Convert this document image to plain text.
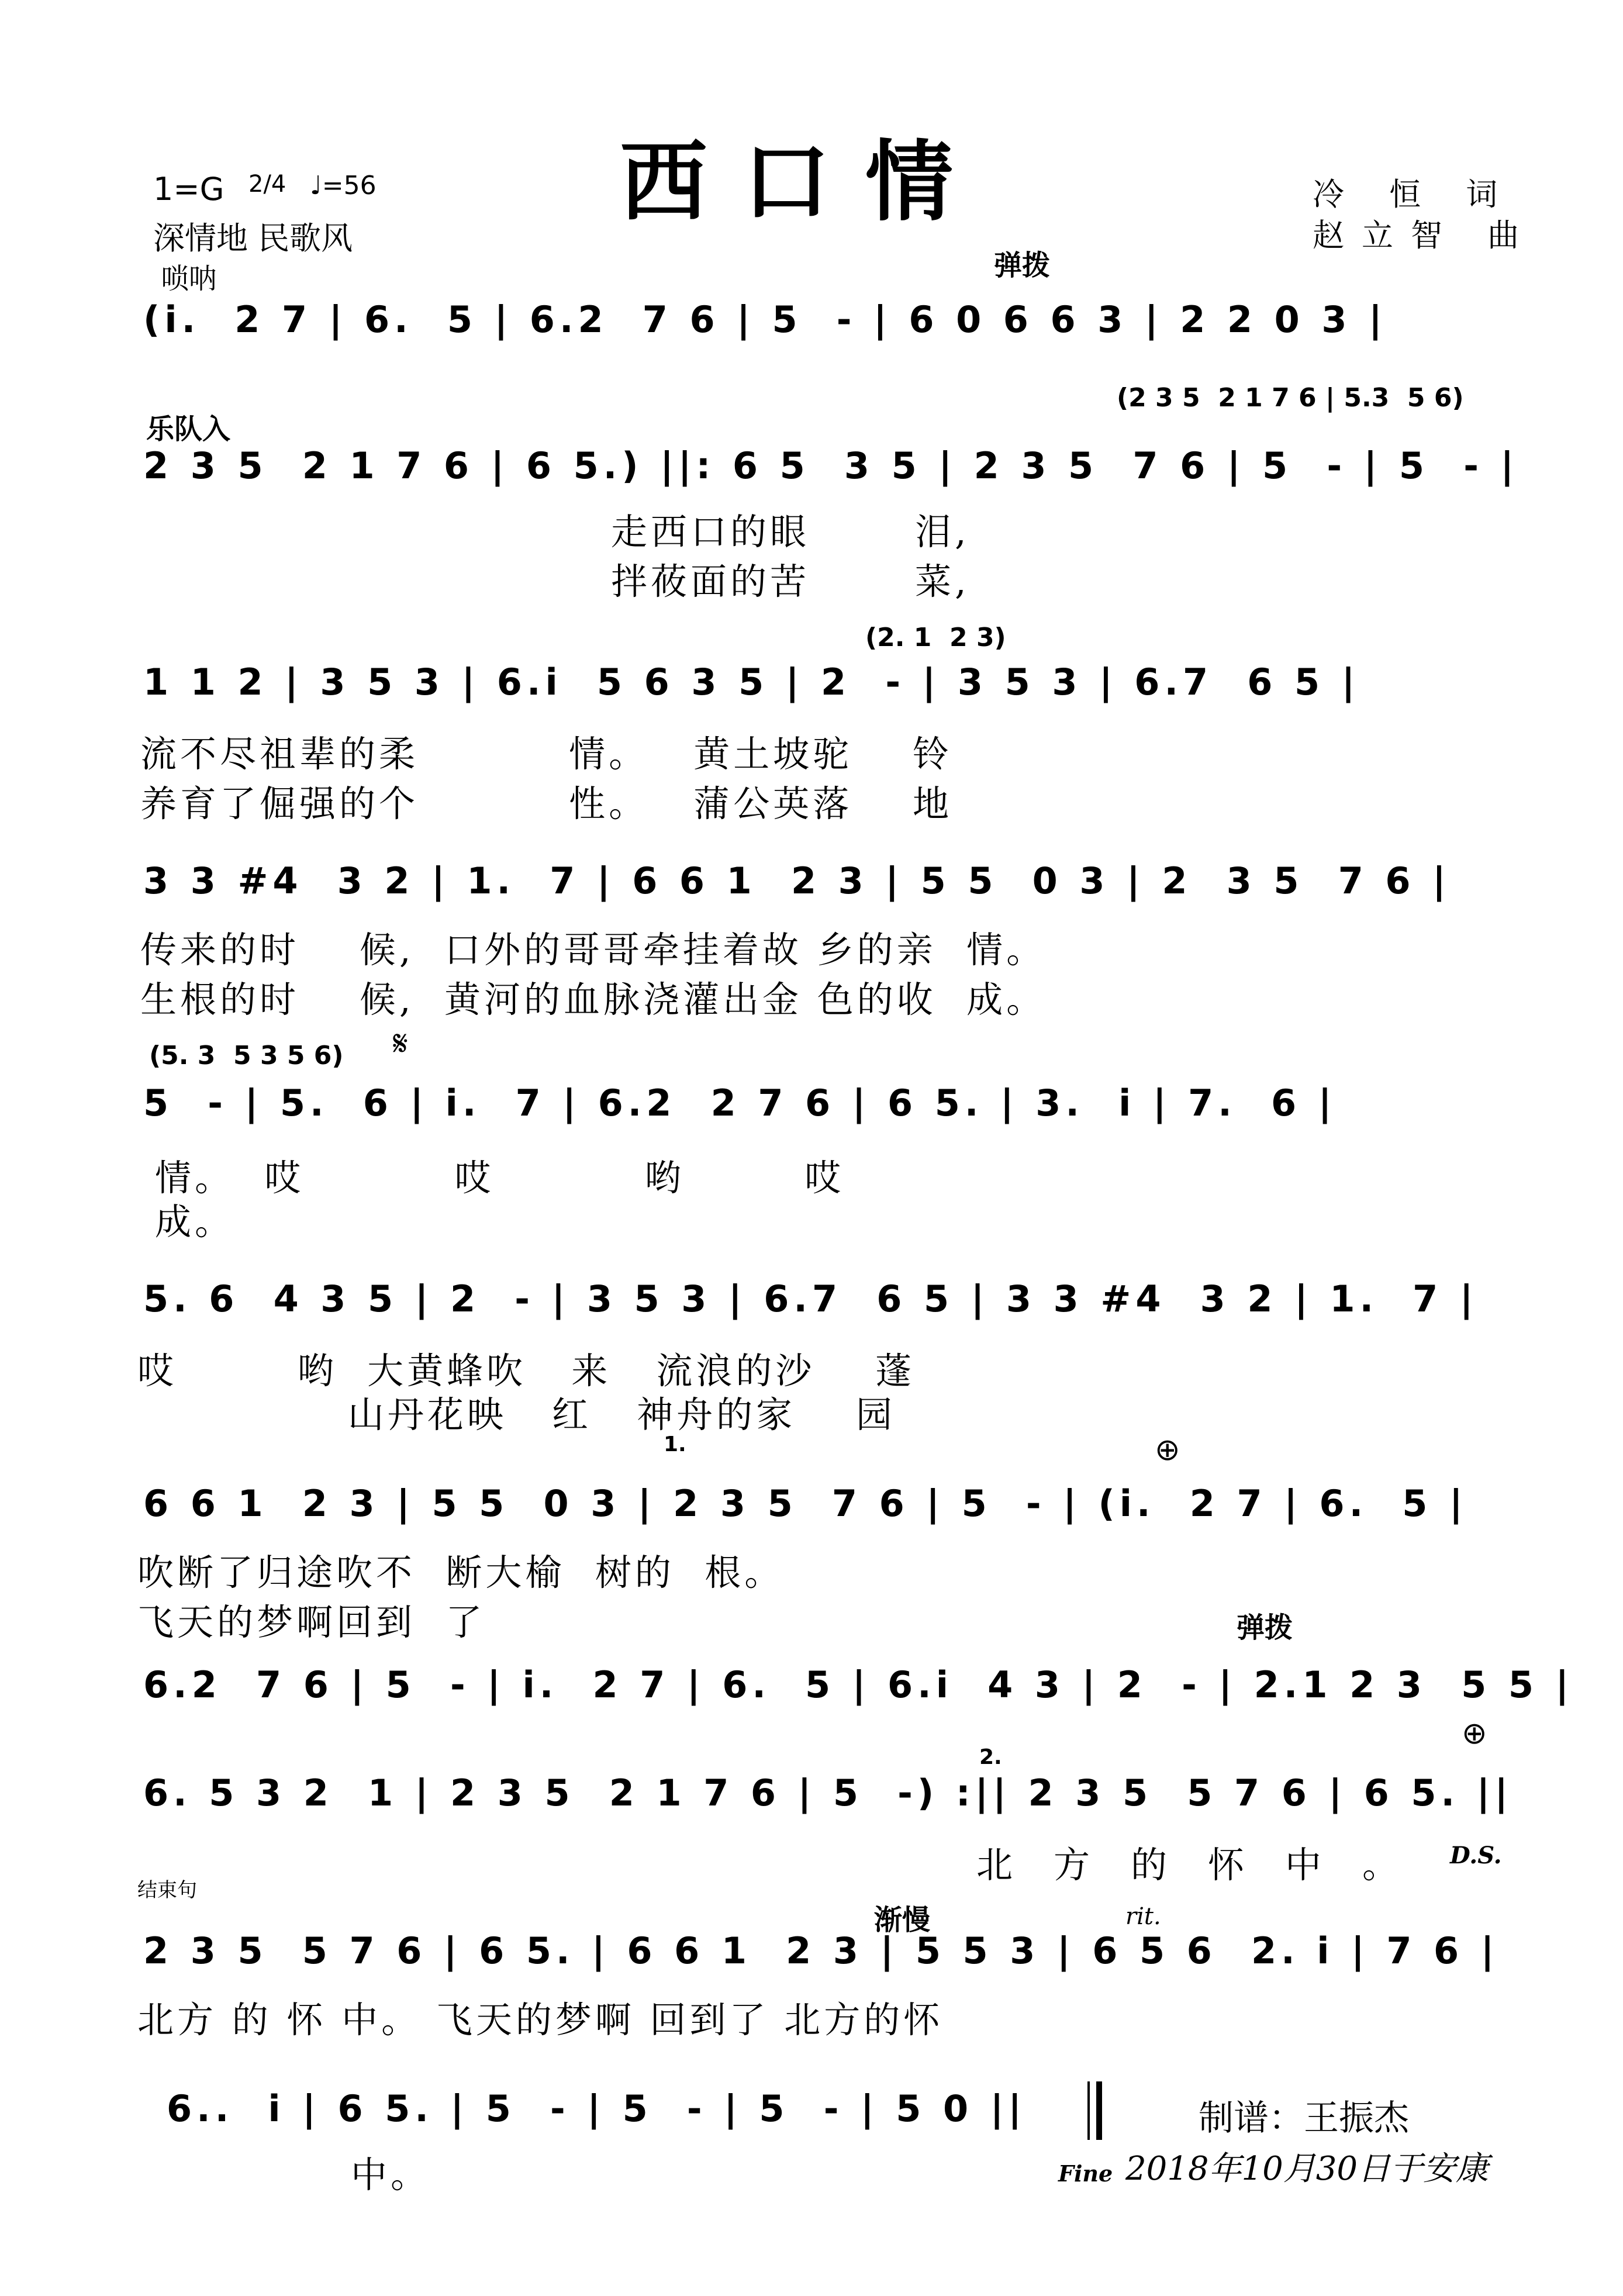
西口情
1=G 2/4 ♩=56
深情地 民歌风
唢呐
冷 恒 词
赵立智 曲
弹拨
(i.  2 7 | 6.  5 | 6.2  7 6 | 5  - | 6 0 6 6 3 | 2 2 0 3 |
乐队入
(2 3 5  2 1 7 6 | 5.3  5 6)
2 3 5  2 1 7 6 | 6 5.) ||: 6 5  3 5 | 2 3 5  7 6 | 5  - | 5  - |
走西口的眼       泪,
拌莜面的苦       菜,
(2. 1  2 3)
1 1 2 | 3 5 3 | 6.i  5 6 3 5 | 2  - | 3 5 3 | 6.7  6 5 |
流不尽祖辈的柔          情。   黄土坡驼    铃
养育了倔强的个          性。   蒲公英落    地
3 3 #4  3 2 | 1.  7 | 6 6 1  2 3 | 5 5  0 3 | 2  3 5  7 6 |
传来的时    候,  口外的哥哥牵挂着故 乡的亲  情。
生根的时    候,  黄河的血脉浇灌出金 色的收  成。
(5. 3  5 3 5 6) 𝄋
5  - | 5.  6 | i.  7 | 6.2  2 7 6 | 6 5. | 3.  i | 7.  6 |
情。  哎          哎          哟        哎
成。
5. 6  4 3 5 | 2  - | 3 5 3 | 6.7  6 5 | 3 3 #4  3 2 | 1.  7 |
哎        哟  大黄蜂吹   来   流浪的沙    蓬
山丹花映   红   神舟的家    园
1.	⊕
6 6 1  2 3 | 5 5  0 3 | 2 3 5  7 6 | 5  - | (i.  2 7 | 6.  5 |
吹断了归途吹不  断大榆  树的  根。
飞天的梦啊回到  了	弹拨
6.2  7 6 | 5  - | i.  2 7 | 6.  5 | 6.i  4 3 | 2  - | 2.1 2 3  5 5 |
2.
⊕
6. 5 3 2  1 | 2 3 5  2 1 7 6 | 5  -) :|| 2 3 5  5 7 6 | 6 5. ||
北方的怀中。 D.S.
结束句
渐慢	rit.
2 3 5  5 7 6 | 6 5. | 6 6 1  2 3 | 5 5 3 | 6 5 6  2. i | 7 6 |
北方 的 怀 中。 飞天的梦啊 回到了 北方的怀
6..  i | 6 5. | 5  - | 5  - | 5  - | 5 0 ||
中。	Fine
制谱：王振杰
2018年10月30日于安康
